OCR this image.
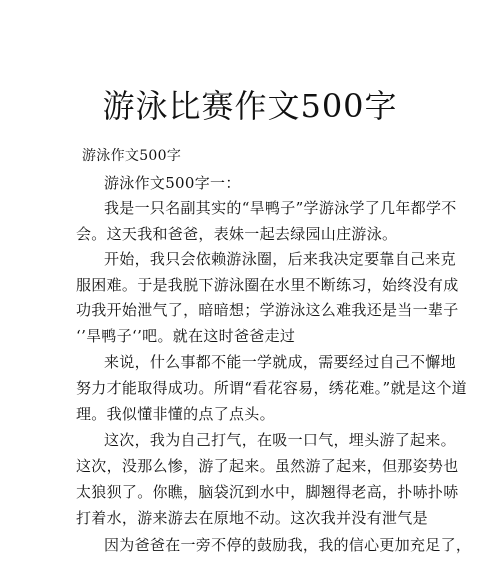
游泳比赛作文500字
游泳作文500字
游泳作文500字一：
我是一只名副其实的“旱鸭子”学游泳学了几年都学不
会。这天我和爸爸，表妹一起去绿园山庄游泳。
开始，我只会依赖游泳圈，后来我决定要靠自己来克
服困难。于是我脱下游泳圈在水里不断练习，始终没有成
功我开始泄气了，暗暗想；学游泳这么难我还是当一辈子
‘’旱鸭子‘’吧。就在这时爸爸走过
来说，什么事都不能一学就成，需要经过自己不懈地
努力才能取得成功。所谓“看花容易，绣花难。”就是这个道
理。我似懂非懂的点了点头。
这次，我为自己打气，在吸一口气，埋头游了起来。
这次，没那么惨，游了起来。虽然游了起来，但那姿势也
太狼狈了。你瞧，脑袋沉到水中，脚翘得老高，扑哧扑哧
打着水，游来游去在原地不动。这次我并没有泄气是
因为爸爸在一旁不停的鼓励我，我的信心更加充足了，
